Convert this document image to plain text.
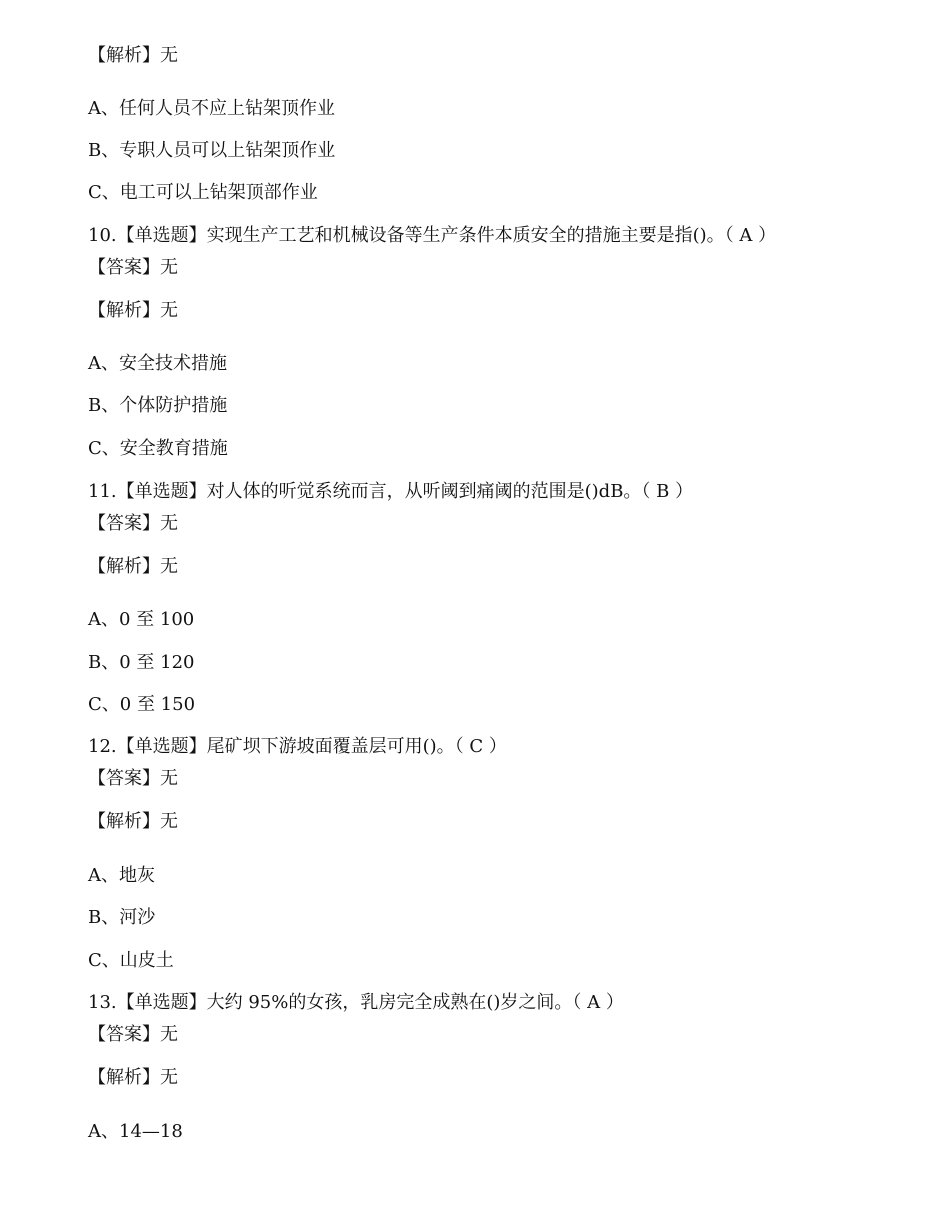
【解析】无
A、任何人员不应上钻架顶作业
B、专职人员可以上钻架顶作业
C、电工可以上钻架顶部作业
10.【单选题】实现生产工艺和机械设备等生产条件本质安全的措施主要是指()。（ A ）
【答案】无
【解析】无
A、安全技术措施
B、个体防护措施
C、安全教育措施
11.【单选题】对人体的听觉系统而言，从听阈到痛阈的范围是()dB。（ B ）
【答案】无
【解析】无
A、0 至 100
B、0 至 120
C、0 至 150
12.【单选题】尾矿坝下游坡面覆盖层可用()。（ C ）
【答案】无
【解析】无
A、地灰
B、河沙
C、山皮土
13.【单选题】大约 95%的女孩，乳房完全成熟在()岁之间。（ A ）
【答案】无
【解析】无
A、14—18
